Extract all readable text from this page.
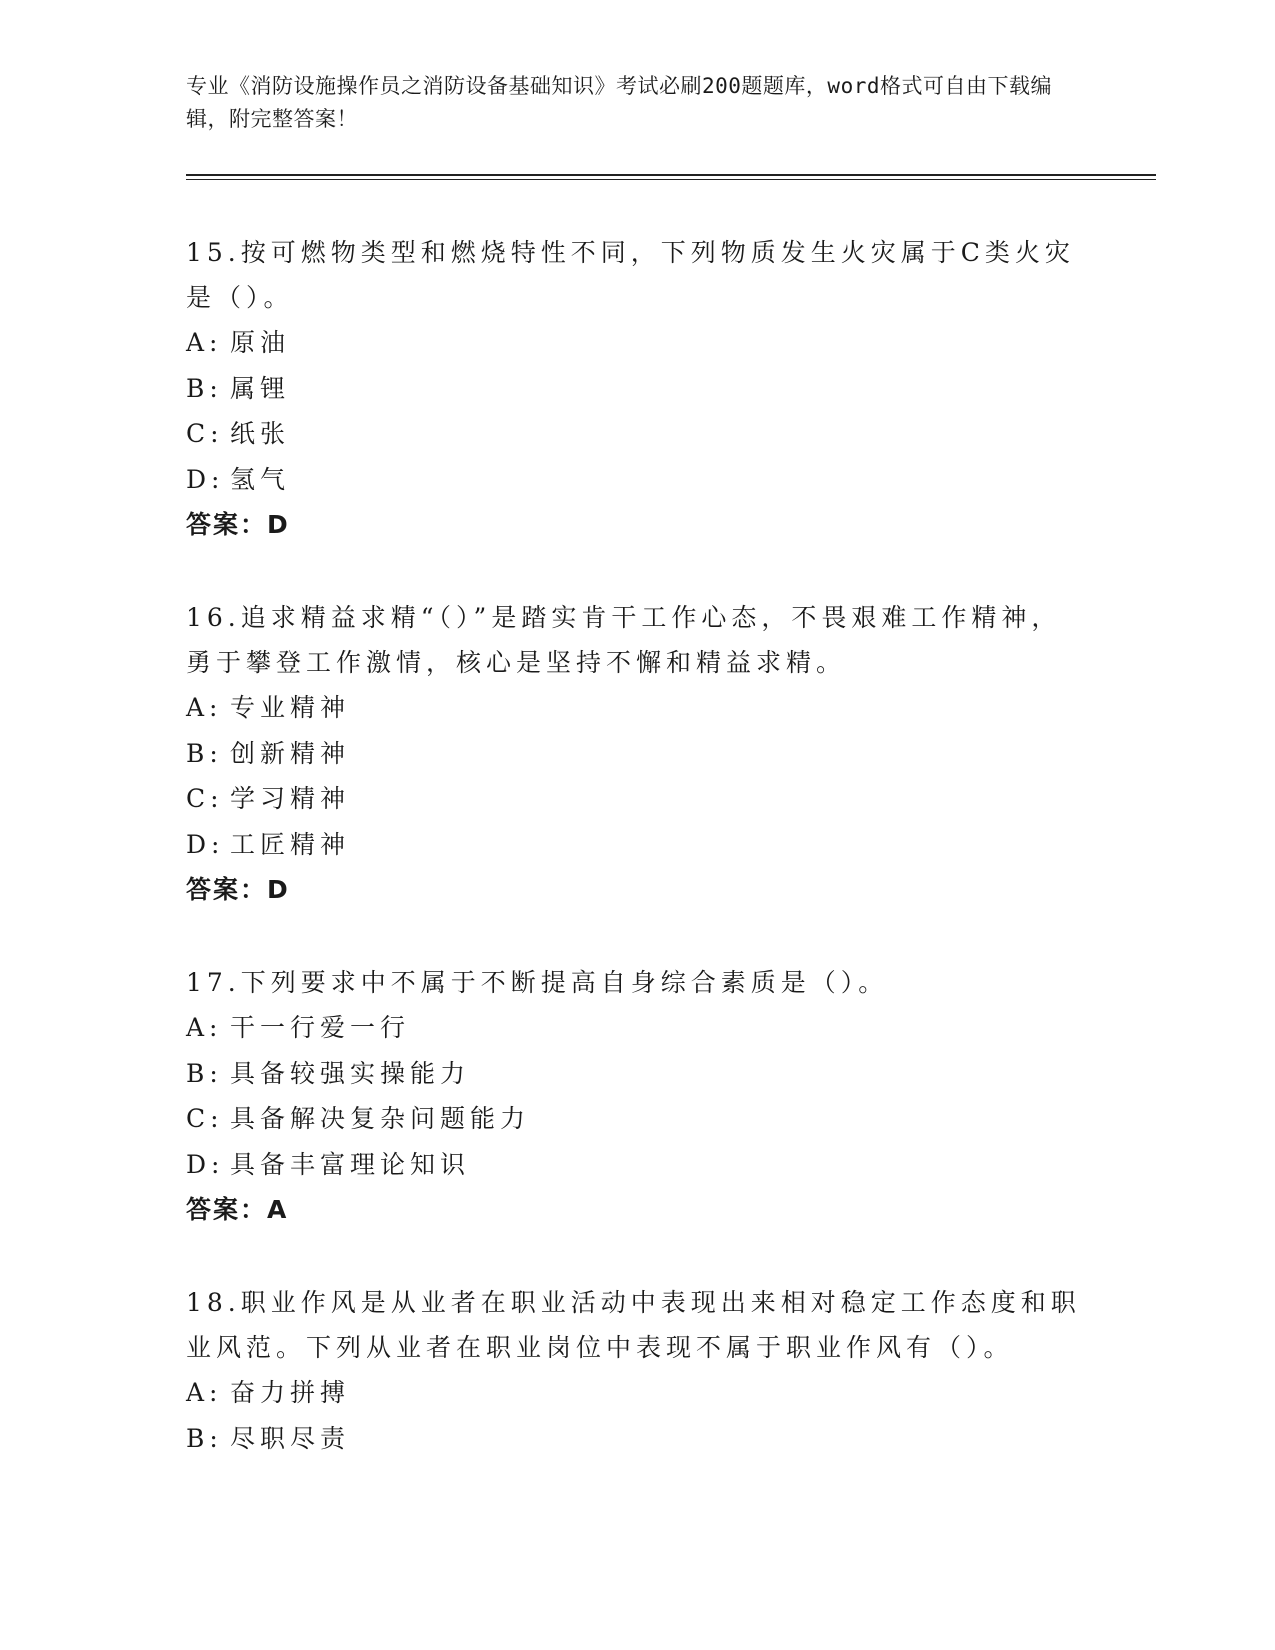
专业《消防设施操作员之消防设备基础知识》考试必刷200题题库，word格式可自由下载编辑，附完整答案！

15.按可燃物类型和燃烧特性不同，下列物质发生火灾属于C类火灾是（）。

A: 原油
B: 属锂
C: 纸张
D: 氢气
答案：D

16.追求精益求精“（）”是踏实肯干工作心态，不畏艰难工作精神，勇于攀登工作激情，核心是坚持不懈和精益求精。

A: 专业精神
B: 创新精神
C: 学习精神
D: 工匠精神
答案：D

17.下列要求中不属于不断提高自身综合素质是（）。

A: 干一行爱一行
B: 具备较强实操能力
C: 具备解决复杂问题能力
D: 具备丰富理论知识
答案：A

18.职业作风是从业者在职业活动中表现出来相对稳定工作态度和职业风范。下列从业者在职业岗位中表现不属于职业作风有（）。

A: 奋力拼搏
B: 尽职尽责
